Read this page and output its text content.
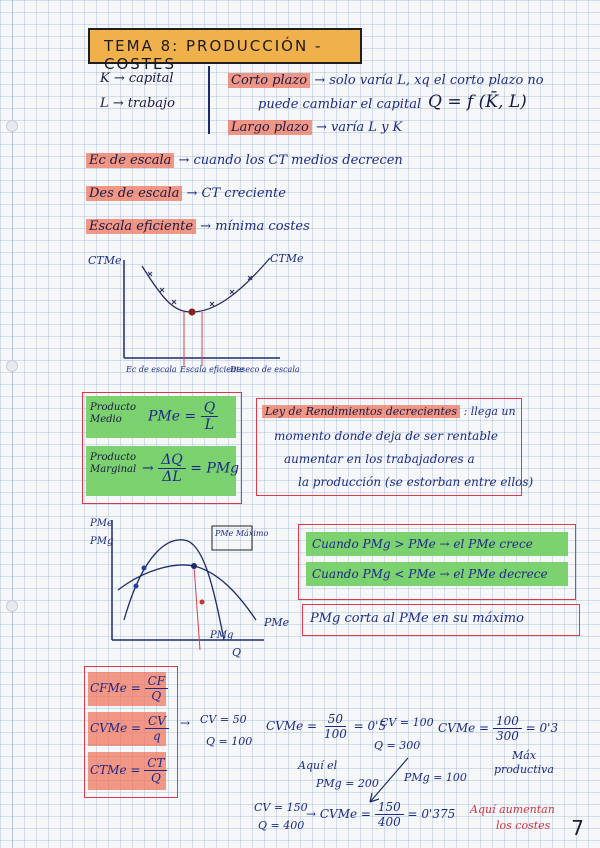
TEMA 8: PRODUCCIÓN - COSTES
K → capital
L → trabajo
Corto plazo → solo varía L, xq el corto plazo no
puede cambiar el capital Q = f (K̄, L)
Largo plazo → varía L y K
Ec de escala → cuando los CT medios decrecen
Des de escala → CT creciente
Escala eficiente → mínima costes
CTMe	CTMe
Ec de escala Escala eficiente
Deseco de escala
Producto Medio	PMe = $\frac{Q}{L}$
Producto Marginal → $\frac{\Delta Q}{\Delta L}$ = PMg
Ley de Rendimientos decrecientes : llega un
momento donde deja de ser rentable
aumentar en los trabajadores a
la producción (se estorban entre ellos)
PMe
PMg
PMe Máximo
PMg
PMe
Q
Cuando PMg > PMe → el PMe crece
Cuando PMg < PMe → el PMe decrece
PMg corta al PMe en su máximo
CFMe = $\frac{CF}{Q}$
CVMe = $\frac{CV}{q}$
CTMe = $\frac{CT}{Q}$
→ CV = 50
Q = 100
CVMe = $\frac{50}{100} = 0'5$
CV = 100
Q = 300
CVMe = $\frac{100}{300} = 0'3$
Aquí el
PMg = 200 PMg = 100
Máx
productiva
CV = 150
Q = 400
→ CVMe = $\frac{150}{400} = 0'375$ Aquí aumentan
los costes 7
